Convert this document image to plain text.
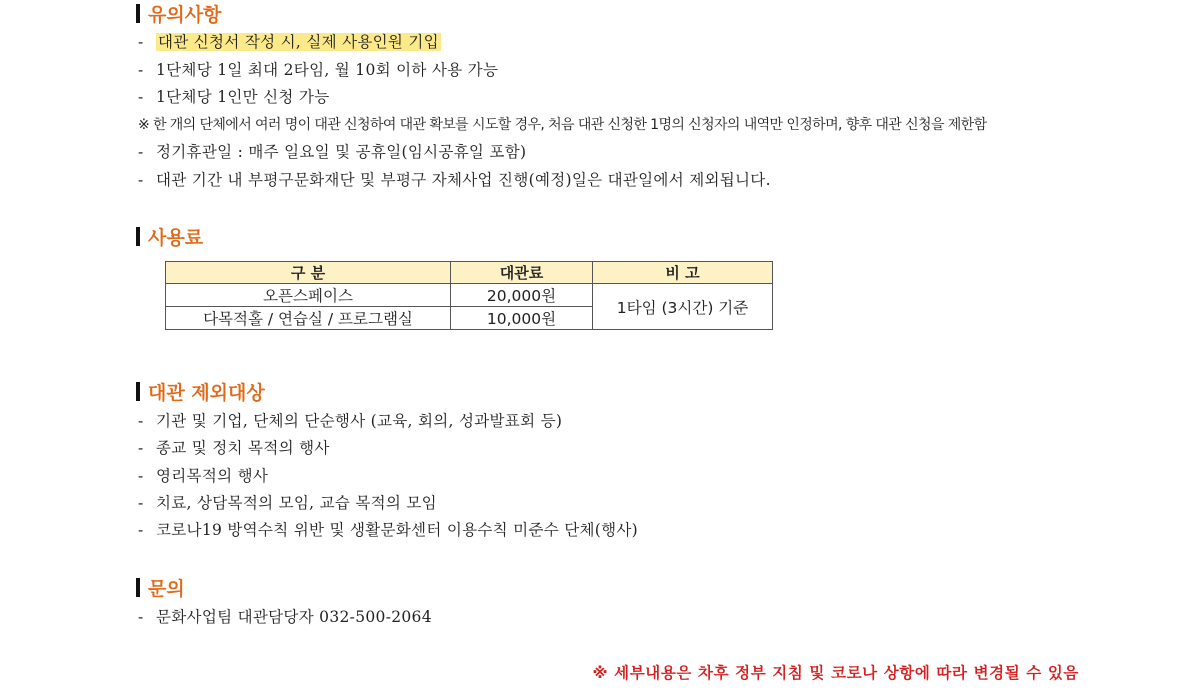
유의사항
- 대관 신청서 작성 시, 실제 사용인원 기입
- 1단체당 1일 최대 2타임, 월 10회 이하 사용 가능
- 1단체당 1인만 신청 가능
※ 한 개의 단체에서 여러 명이 대관 신청하여 대관 확보를 시도할 경우, 처음 대관 신청한 1명의 신청자의 내역만 인정하며, 향후 대관 신청을 제한함
- 정기휴관일 : 매주 일요일 및 공휴일(임시공휴일 포함)
- 대관 기간 내 부평구문화재단 및 부평구 자체사업 진행(예정)일은 대관일에서 제외됩니다.
사용료
구 분	대관료	비 고
오픈스페이스	20,000원	1타임 (3시간) 기준
다목적홀 / 연습실 / 프로그램실	10,000원	
대관 제외대상
- 기관 및 기업, 단체의 단순행사 (교육, 회의, 성과발표회 등)
- 종교 및 정치 목적의 행사
- 영리목적의 행사
- 치료, 상담목적의 모임, 교습 목적의 모임
- 코로나19 방역수칙 위반 및 생활문화센터 이용수칙 미준수 단체(행사)
문의
- 문화사업팀 대관담당자 032-500-2064
※ 세부내용은 차후 정부 지침 및 코로나 상항에 따라 변경될 수 있음
